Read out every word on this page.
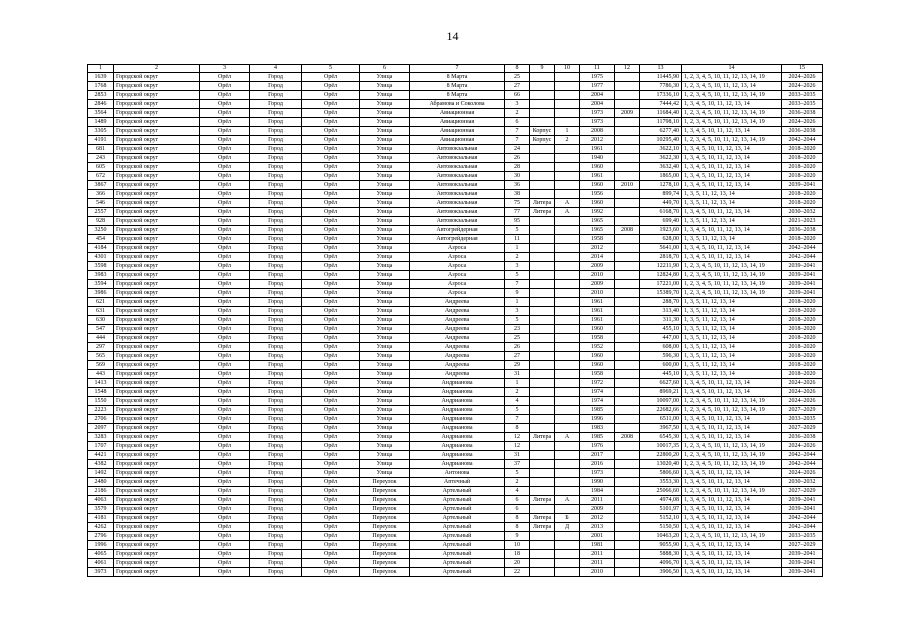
14
1	2	3	4	5	6	7	8	9	10	11	12	13	14	15
1639	Городской округ	Орёл	Город	Орёл	Улица	8 Марта	25			1975		11445,90	1, 2, 3, 4, 5, 10, 11, 12, 13, 14, 19	2024–2026
1768	Городской округ	Орёл	Город	Орёл	Улица	8 Марта	27			1977		7786,30	1, 2, 3, 4, 5, 10, 11, 12, 13, 14	2024–2026
2853	Городской округ	Орёл	Город	Орёл	Улица	8 Марта	66			2004		17336,10	1, 2, 3, 4, 5, 10, 11, 12, 13, 14, 19	2033–2035
2846	Городской округ	Орёл	Город	Орёл	Улица	Абрамова и Соколова	3			2004		7444,42	1, 3, 4, 5, 10, 11, 12, 13, 14	2033–2035
3564	Городской округ	Орёл	Город	Орёл	Улица	Авиационная	2			1973	2009	11684,40	1, 2, 3, 4, 5, 10, 11, 12, 13, 14, 19	2036–2038
1489	Городской округ	Орёл	Город	Орёл	Улица	Авиационная	6			1973		11798,10	1, 2, 3, 4, 5, 10, 11, 12, 13, 14, 19	2024–2026
3305	Городской округ	Орёл	Город	Орёл	Улица	Авиационная	7	Корпус	1	2008		6277,40	1, 3, 4, 5, 10, 11, 12, 13, 14	2036–2038
4191	Городской округ	Орёл	Город	Орёл	Улица	Авиационная	7	Корпус	2	2012		10295,40	1, 2, 3, 4, 5, 10, 11, 12, 13, 14, 19	2042–2044
681	Городской округ	Орёл	Город	Орёл	Улица	Автовокзальная	24			1961		3622,10	1, 3, 4, 5, 10, 11, 12, 13, 14	2018–2020
243	Городской округ	Орёл	Город	Орёл	Улица	Автовокзальная	26			1940		3622,30	1, 3, 4, 5, 10, 11, 12, 13, 14	2018–2020
605	Городской округ	Орёл	Город	Орёл	Улица	Автовокзальная	28			1960		3632,40	1, 3, 4, 5, 10, 11, 12, 13, 14	2018–2020
672	Городской округ	Орёл	Город	Орёл	Улица	Автовокзальная	30			1961		1865,00	1, 3, 4, 5, 10, 11, 12, 13, 14	2018–2020
3867	Городской округ	Орёл	Город	Орёл	Улица	Автовокзальная	36			1960	2010	1278,10	1, 3, 4, 5, 10, 11, 12, 13, 14	2039–2041
366	Городской округ	Орёл	Город	Орёл	Улица	Автовокзальная	38			1956		899,74	1, 3, 5, 11, 12, 13, 14	2018–2020
546	Городской округ	Орёл	Город	Орёл	Улица	Автовокзальная	75	Литера	А	1960		449,70	1, 3, 5, 11, 12, 13, 14	2018–2020
2557	Городской округ	Орёл	Город	Орёл	Улица	Автовокзальная	77	Литера	А	1992		6168,70	1, 3, 4, 5, 10, 11, 12, 13, 14	2030–2032
928	Городской округ	Орёл	Город	Орёл	Улица	Автовокзальная	95			1965		699,40	1, 3, 5, 11, 12, 13, 14	2021–2023
3250	Городской округ	Орёл	Город	Орёл	Улица	Автогрейдерная	5			1965	2008	1923,60	1, 3, 4, 5, 10, 11, 12, 13, 14	2036–2038
454	Городской округ	Орёл	Город	Орёл	Улица	Автогрейдерная	11			1958		628,00	1, 3, 5, 11, 12, 13, 14	2018–2020
4184	Городской округ	Орёл	Город	Орёл	Улица	Азроса	1			2012		5641,00	1, 3, 4, 5, 10, 11, 12, 13, 14	2042–2044
4301	Городской округ	Орёл	Город	Орёл	Улица	Азроса	2			2014		2818,70	1, 3, 4, 5, 10, 11, 12, 13, 14	2042–2044
3598	Городской округ	Орёл	Город	Орёл	Улица	Азроса	3			2009		12211,90	1, 2, 3, 4, 5, 10, 11, 12, 13, 14, 19	2039–2041
3983	Городской округ	Орёл	Город	Орёл	Улица	Азроса	5			2010		12824,80	1, 2, 3, 4, 5, 10, 11, 12, 13, 14, 19	2039–2041
3594	Городской округ	Орёл	Город	Орёл	Улица	Азроса	7			2009		17221,00	1, 2, 3, 4, 5, 10, 11, 12, 13, 14, 19	2039–2041
3986	Городской округ	Орёл	Город	Орёл	Улица	Азроса	9			2010		15389,70	1, 2, 3, 4, 5, 10, 11, 12, 13, 14, 19	2039–2041
621	Городской округ	Орёл	Город	Орёл	Улица	Андреева	1			1961		288,70	1, 3, 5, 11, 12, 13, 14	2018–2020
631	Городской округ	Орёл	Город	Орёл	Улица	Андреева	3			1961		313,40	1, 3, 5, 11, 12, 13, 14	2018–2020
630	Городской округ	Орёл	Город	Орёл	Улица	Андреева	5			1961		311,30	1, 3, 5, 11, 12, 13, 14	2018–2020
547	Городской округ	Орёл	Город	Орёл	Улица	Андреева	23			1960		455,10	1, 3, 5, 11, 12, 13, 14	2018–2020
444	Городской округ	Орёл	Город	Орёл	Улица	Андреева	25			1958		447,00	1, 3, 5, 11, 12, 13, 14	2018–2020
297	Городской округ	Орёл	Город	Орёл	Улица	Андреева	26			1952		608,00	1, 3, 5, 11, 12, 13, 14	2018–2020
565	Городской округ	Орёл	Город	Орёл	Улица	Андреева	27			1960		596,30	1, 3, 5, 11, 12, 13, 14	2018–2020
569	Городской округ	Орёл	Город	Орёл	Улица	Андреева	29			1960		600,00	1, 3, 5, 11, 12, 13, 14	2018–2020
443	Городской округ	Орёл	Город	Орёл	Улица	Андреева	31			1958		445,10	1, 3, 5, 11, 12, 13, 14	2018–2020
1413	Городской округ	Орёл	Город	Орёл	Улица	Андрианова	1			1972		6627,60	1, 3, 4, 5, 10, 11, 12, 13, 14	2024–2026
1548	Городской округ	Орёл	Город	Орёл	Улица	Андрианова	2			1974		8969,21	1, 3, 4, 5, 10, 11, 12, 13, 14	2024–2026
1550	Городской округ	Орёл	Город	Орёл	Улица	Андрианова	4			1974		10097,00	1, 2, 3, 4, 5, 10, 11, 12, 13, 14, 19	2024–2026
2223	Городской округ	Орёл	Город	Орёл	Улица	Андрианова	5			1985		22682,66	1, 2, 3, 4, 5, 10, 11, 12, 13, 14, 19	2027–2029
2706	Городской округ	Орёл	Город	Орёл	Улица	Андрианова	7			1996		6511,00	1, 3, 4, 5, 10, 11, 12, 13, 14	2033–2035
2097	Городской округ	Орёл	Город	Орёл	Улица	Андрианова	8			1983		3967,50	1, 3, 4, 5, 10, 11, 12, 13, 14	2027–2029
3283	Городской округ	Орёл	Город	Орёл	Улица	Андрианова	12	Литера	А	1985	2008	6545,30	1, 3, 4, 5, 10, 11, 12, 13, 14	2036–2038
1707	Городской округ	Орёл	Город	Орёл	Улица	Андрианова	12			1976		10017,35	1, 2, 3, 4, 5, 10, 11, 12, 13, 14, 19	2024–2026
4421	Городской округ	Орёл	Город	Орёл	Улица	Андрианова	31			2017		22800,20	1, 2, 3, 4, 5, 10, 11, 12, 13, 14, 19	2042–2044
4382	Городской округ	Орёл	Город	Орёл	Улица	Андрианова	37			2016		13020,40	1, 2, 3, 4, 5, 10, 11, 12, 13, 14, 19	2042–2044
1492	Городской округ	Орёл	Город	Орёл	Улица	Антонова	5			1973		5806,60	1, 3, 4, 5, 10, 11, 12, 13, 14	2024–2026
2480	Городской округ	Орёл	Город	Орёл	Переулок	Аптечный	2			1990		3553,30	1, 3, 4, 5, 10, 11, 12, 13, 14	2030–2032
2186	Городской округ	Орёл	Город	Орёл	Переулок	Артельный	4			1984		25066,60	1, 2, 3, 4, 5, 10, 11, 12, 13, 14, 19	2027–2029
4063	Городской округ	Орёл	Город	Орёл	Переулок	Артельный	6	Литера	А	2011		4974,08	1, 3, 4, 5, 10, 11, 12, 13, 14	2039–2041
3579	Городской округ	Орёл	Город	Орёл	Переулок	Артельный	6			2009		5101,97	1, 3, 4, 5, 10, 11, 12, 13, 14	2039–2041
4181	Городской округ	Орёл	Город	Орёл	Переулок	Артельный	8	Литера	Б	2012		5152,10	1, 3, 4, 5, 10, 11, 12, 13, 14	2042–2044
4262	Городской округ	Орёл	Город	Орёл	Переулок	Артельный	8	Литера	Д	2013		5150,50	1, 3, 4, 5, 10, 11, 12, 13, 14	2042–2044
2796	Городской округ	Орёл	Город	Орёл	Переулок	Артельный	9			2001		10463,20	1, 2, 3, 4, 5, 10, 11, 12, 13, 14, 19	2033–2035
1996	Городской округ	Орёл	Город	Орёл	Переулок	Артельный	10			1981		9055,90	1, 3, 4, 5, 10, 11, 12, 13, 14	2027–2029
4065	Городской округ	Орёл	Город	Орёл	Переулок	Артельный	18			2011		5888,30	1, 3, 4, 5, 10, 11, 12, 13, 14	2039–2041
4061	Городской округ	Орёл	Город	Орёл	Переулок	Артельный	20			2011		4096,70	1, 3, 4, 5, 10, 11, 12, 13, 14	2039–2041
3973	Городской округ	Орёл	Город	Орёл	Переулок	Артельный	22			2010		3906,50	1, 3, 4, 5, 10, 11, 12, 13, 14	2039–2041
